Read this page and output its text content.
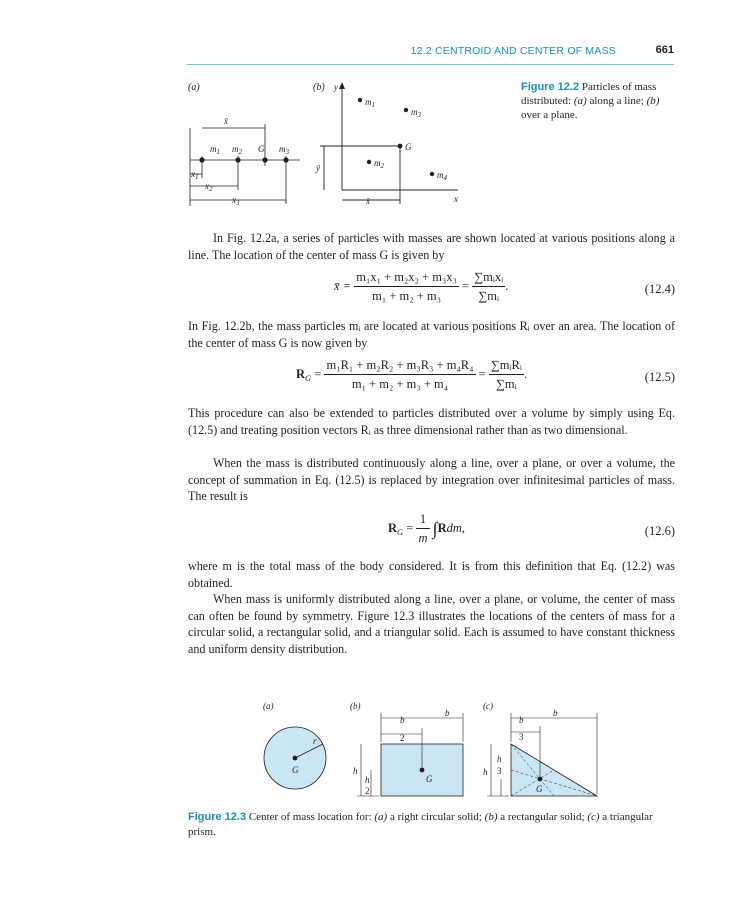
12.2 CENTROID AND CENTER OF MASS	661
(a)	(b)
x̄
$m_1$ $m_2$ G $m_3$
$x_1$
$x_2$
$x_3$
y
x
$m_1$
$m_3$
G
$m_2$
$m_4$
ȳ
x̄
Figure 12.2 Particles of mass distributed: (a) along a line; (b) over a plane.

In Fig. 12.2a, a series of particles with masses are shown located at various positions along a line. The location of the center of mass G is given by

x̄ = $\frac{\text{m₁x₁ + m₂x₂ + m₃x₃}}{\text{m₁ + m₂ + m₃}} = \frac{\text{∑mᵢxᵢ}}{\text{∑mᵢ}}$ .	(12.4)

In Fig. 12.2b, the mass particles mᵢ are located at various positions Rᵢ over an area. The location of the center of mass G is now given by

$R_G = \frac{\text{m₁R₁ + m₂R₂ + m₃R₃ + m₄R₄}}{\text{m₁ + m₂ + m₃ + m₄}} = \frac{\text{∑mᵢRᵢ}}{\text{∑mᵢ}}$ .	(12.5)

This procedure can also be extended to particles distributed over a volume by simply using Eq. (12.5) and treating position vectors Rᵢ as three dimensional rather than as two dimensional.

When the mass is distributed continuously along a line, over a plane, or over a volume, the concept of summation in Eq. (12.5) is replaced by integration over infinitesimal particles of mass. The result is

$R_G = \frac{1}{m} \int Rdm$,	(12.6)

where m is the total mass of the body considered. It is from this definition that Eq. (12.2) was obtained.

When mass is uniformly distributed along a line, over a plane, or volume, the center of mass can often be found by symmetry. Figure 12.3 illustrates the locations of the centers of mass for a circular solid, a rectangular solid, and a triangular solid. Each is assumed to have constant thickness and uniform density distribution.

(a)	(b)	(c)
r
G
G
b
b
2
h
h
2	G
b
b
3
h
h
3
Figure 12.3 Center of mass location for: (a) a right circular solid; (b) a rectangular solid; (c) a triangular prism.
